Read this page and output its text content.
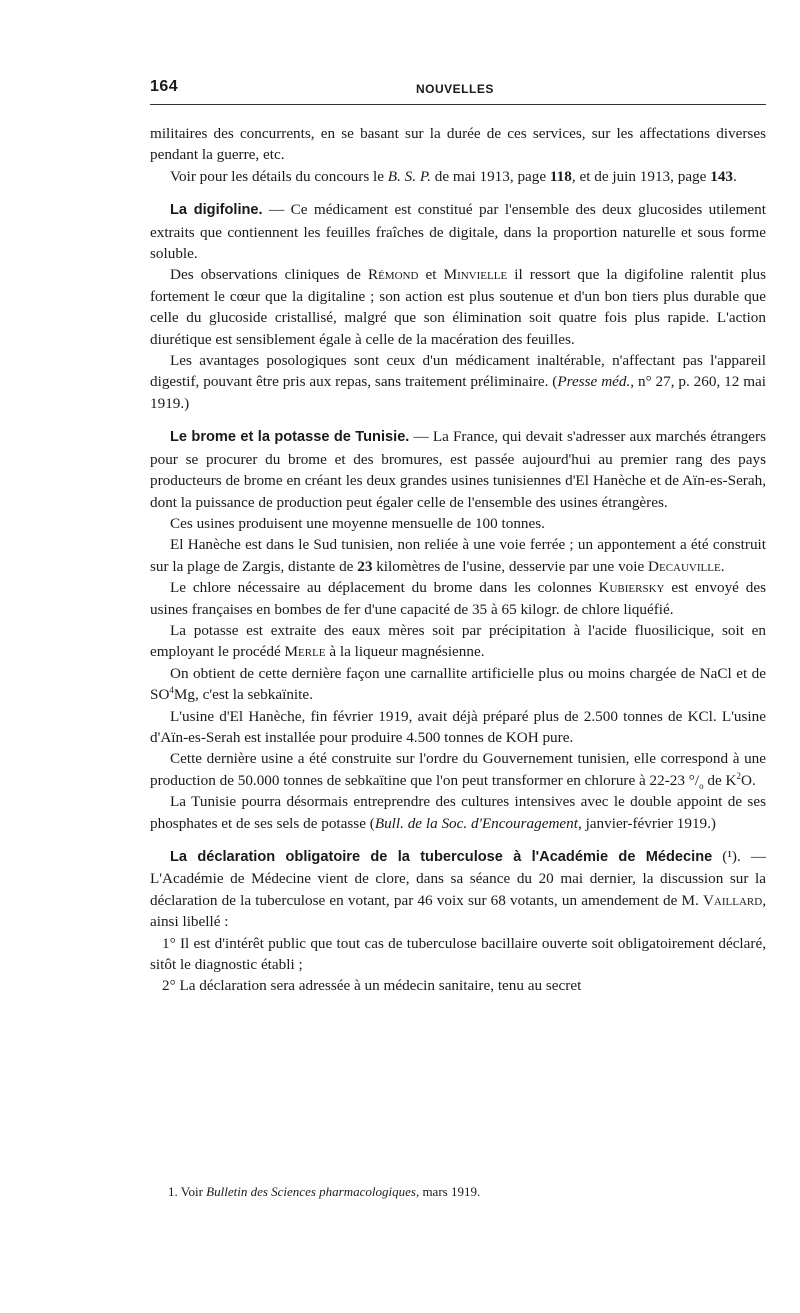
164	NOUVELLES

militaires des concurrents, en se basant sur la durée de ces services, sur les affectations diverses pendant la guerre, etc.

Voir pour les détails du concours le B. S. P. de mai 1913, page 118, et de juin 1913, page 143.

La digifoline. — Ce médicament est constitué par l'ensemble des deux glucosides utilement extraits que contiennent les feuilles fraîches de digitale, dans la proportion naturelle et sous forme soluble.

Des observations cliniques de Rémond et Minvielle il ressort que la digifoline ralentit plus fortement le cœur que la digitaline ; son action est plus soutenue et d'un bon tiers plus durable que celle du glucoside cristallisé, malgré que son élimination soit quatre fois plus rapide. L'action diurétique est sensiblement égale à celle de la macération des feuilles.

Les avantages posologiques sont ceux d'un médicament inaltérable, n'affectant pas l'appareil digestif, pouvant être pris aux repas, sans traitement préliminaire. (Presse méd., n° 27, p. 260, 12 mai 1919.)

Le brome et la potasse de Tunisie. — La France, qui devait s'adresser aux marchés étrangers pour se procurer du brome et des bromures, est passée aujourd'hui au premier rang des pays producteurs de brome en créant les deux grandes usines tunisiennes d'El Hanèche et de Aïn-es-Serah, dont la puissance de production peut égaler celle de l'ensemble des usines étrangères.

Ces usines produisent une moyenne mensuelle de 100 tonnes.

El Hanèche est dans le Sud tunisien, non reliée à une voie ferrée ; un appontement a été construit sur la plage de Zargis, distante de 23 kilomètres de l'usine, desservie par une voie Decauville.

Le chlore nécessaire au déplacement du brome dans les colonnes Kubiersky est envoyé des usines françaises en bombes de fer d'une capacité de 35 à 65 kilogr. de chlore liquéfié.

La potasse est extraite des eaux mères soit par précipitation à l'acide fluosilicique, soit en employant le procédé Merle à la liqueur magnésienne.

On obtient de cette dernière façon une carnallite artificielle plus ou moins chargée de NaCl et de $SO^4Mg$, c'est la sebkaïnite.

L'usine d'El Hanèche, fin février 1919, avait déjà préparé plus de 2.500 tonnes de KCl. L'usine d'Aïn-es-Serah est installée pour produire 4.500 tonnes de KOH pure.

Cette dernière usine a été construite sur l'ordre du Gouvernement tunisien, elle correspond à une production de 50.000 tonnes de sebkaïtine que l'on peut transformer en chlorure à 22-23 $^\circ/_o$ de $K^2O$.

La Tunisie pourra désormais entreprendre des cultures intensives avec le double appoint de ses phosphates et de ses sels de potasse (Bull. de la Soc. d'Encouragement, janvier-février 1919.)

La déclaration obligatoire de la tuberculose à l'Académie de Médecine (¹). — L'Académie de Médecine vient de clore, dans sa séance du 20 mai dernier, la discussion sur la déclaration de la tuberculose en votant, par 46 voix sur 68 votants, un amendement de M. Vaillard, ainsi libellé :

1° Il est d'intérêt public que tout cas de tuberculose bacillaire ouverte soit obligatoirement déclaré, sitôt le diagnostic établi ;

2° La déclaration sera adressée à un médecin sanitaire, tenu au secret

1. Voir Bulletin des Sciences pharmacologiques, mars 1919.
